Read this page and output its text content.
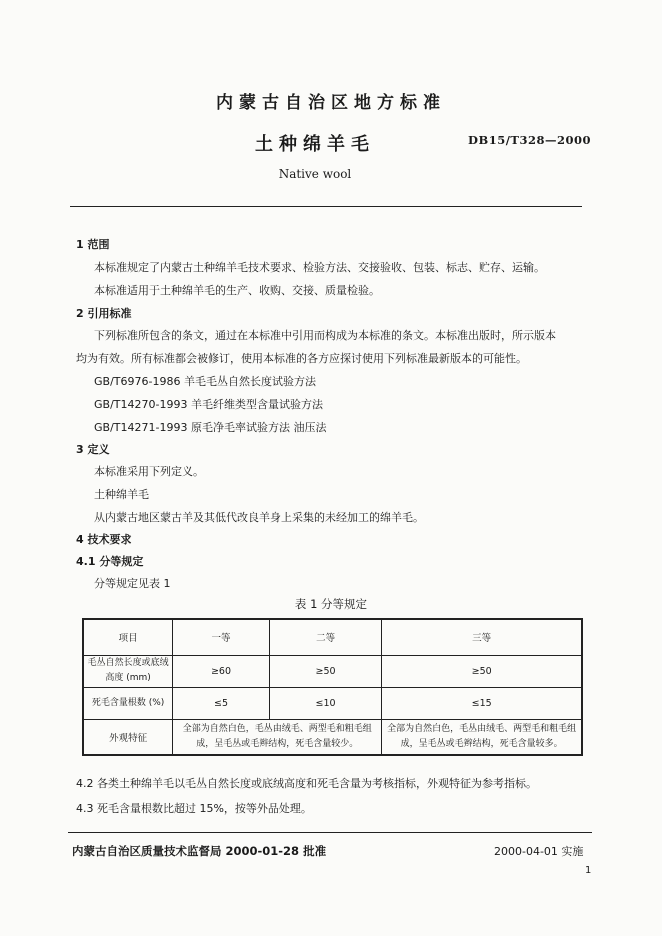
内蒙古自治区地方标准
土种绵羊毛	DB15/T328—2000
Native wool
1 范围
本标准规定了内蒙古土种绵羊毛技术要求、检验方法、交接验收、包装、标志、贮存、运输。
本标准适用于土种绵羊毛的生产、收购、交接、质量检验。
2 引用标准
下列标准所包含的条文，通过在本标准中引用而构成为本标准的条文。本标准出版时，所示版本
均为有效。所有标准都会被修订，使用本标准的各方应探讨使用下列标准最新版本的可能性。
GB/T6976-1986 羊毛毛丛自然长度试验方法
GB/T14270-1993 羊毛纤维类型含量试验方法
GB/T14271-1993 原毛净毛率试验方法 油压法
3 定义
本标准采用下列定义。
土种绵羊毛
从内蒙古地区蒙古羊及其低代改良羊身上采集的未经加工的绵羊毛。
4 技术要求
4.1 分等规定
分等规定见表 1
表 1 分等规定
项目	一等	二等	三等
毛丛自然长度或底绒高度 (mm)	≥60	≥50	≥50
死毛含量根数 (%)	≤5	≤10	≤15
外观特征	全部为自然白色，毛丛由绒毛、两型毛和粗毛组成，呈毛丛或毛辫结构，死毛含量较少。		全部为自然白色，毛丛由绒毛、两型毛和粗毛组成，呈毛丛或毛辫结构，死毛含量较多。
4.2 各类土种绵羊毛以毛丛自然长度或底绒高度和死毛含量为考核指标，外观特征为参考指标。
4.3 死毛含量根数比超过 15%，按等外品处理。
内蒙古自治区质量技术监督局 2000-01-28 批准	2000-04-01 实施
1
